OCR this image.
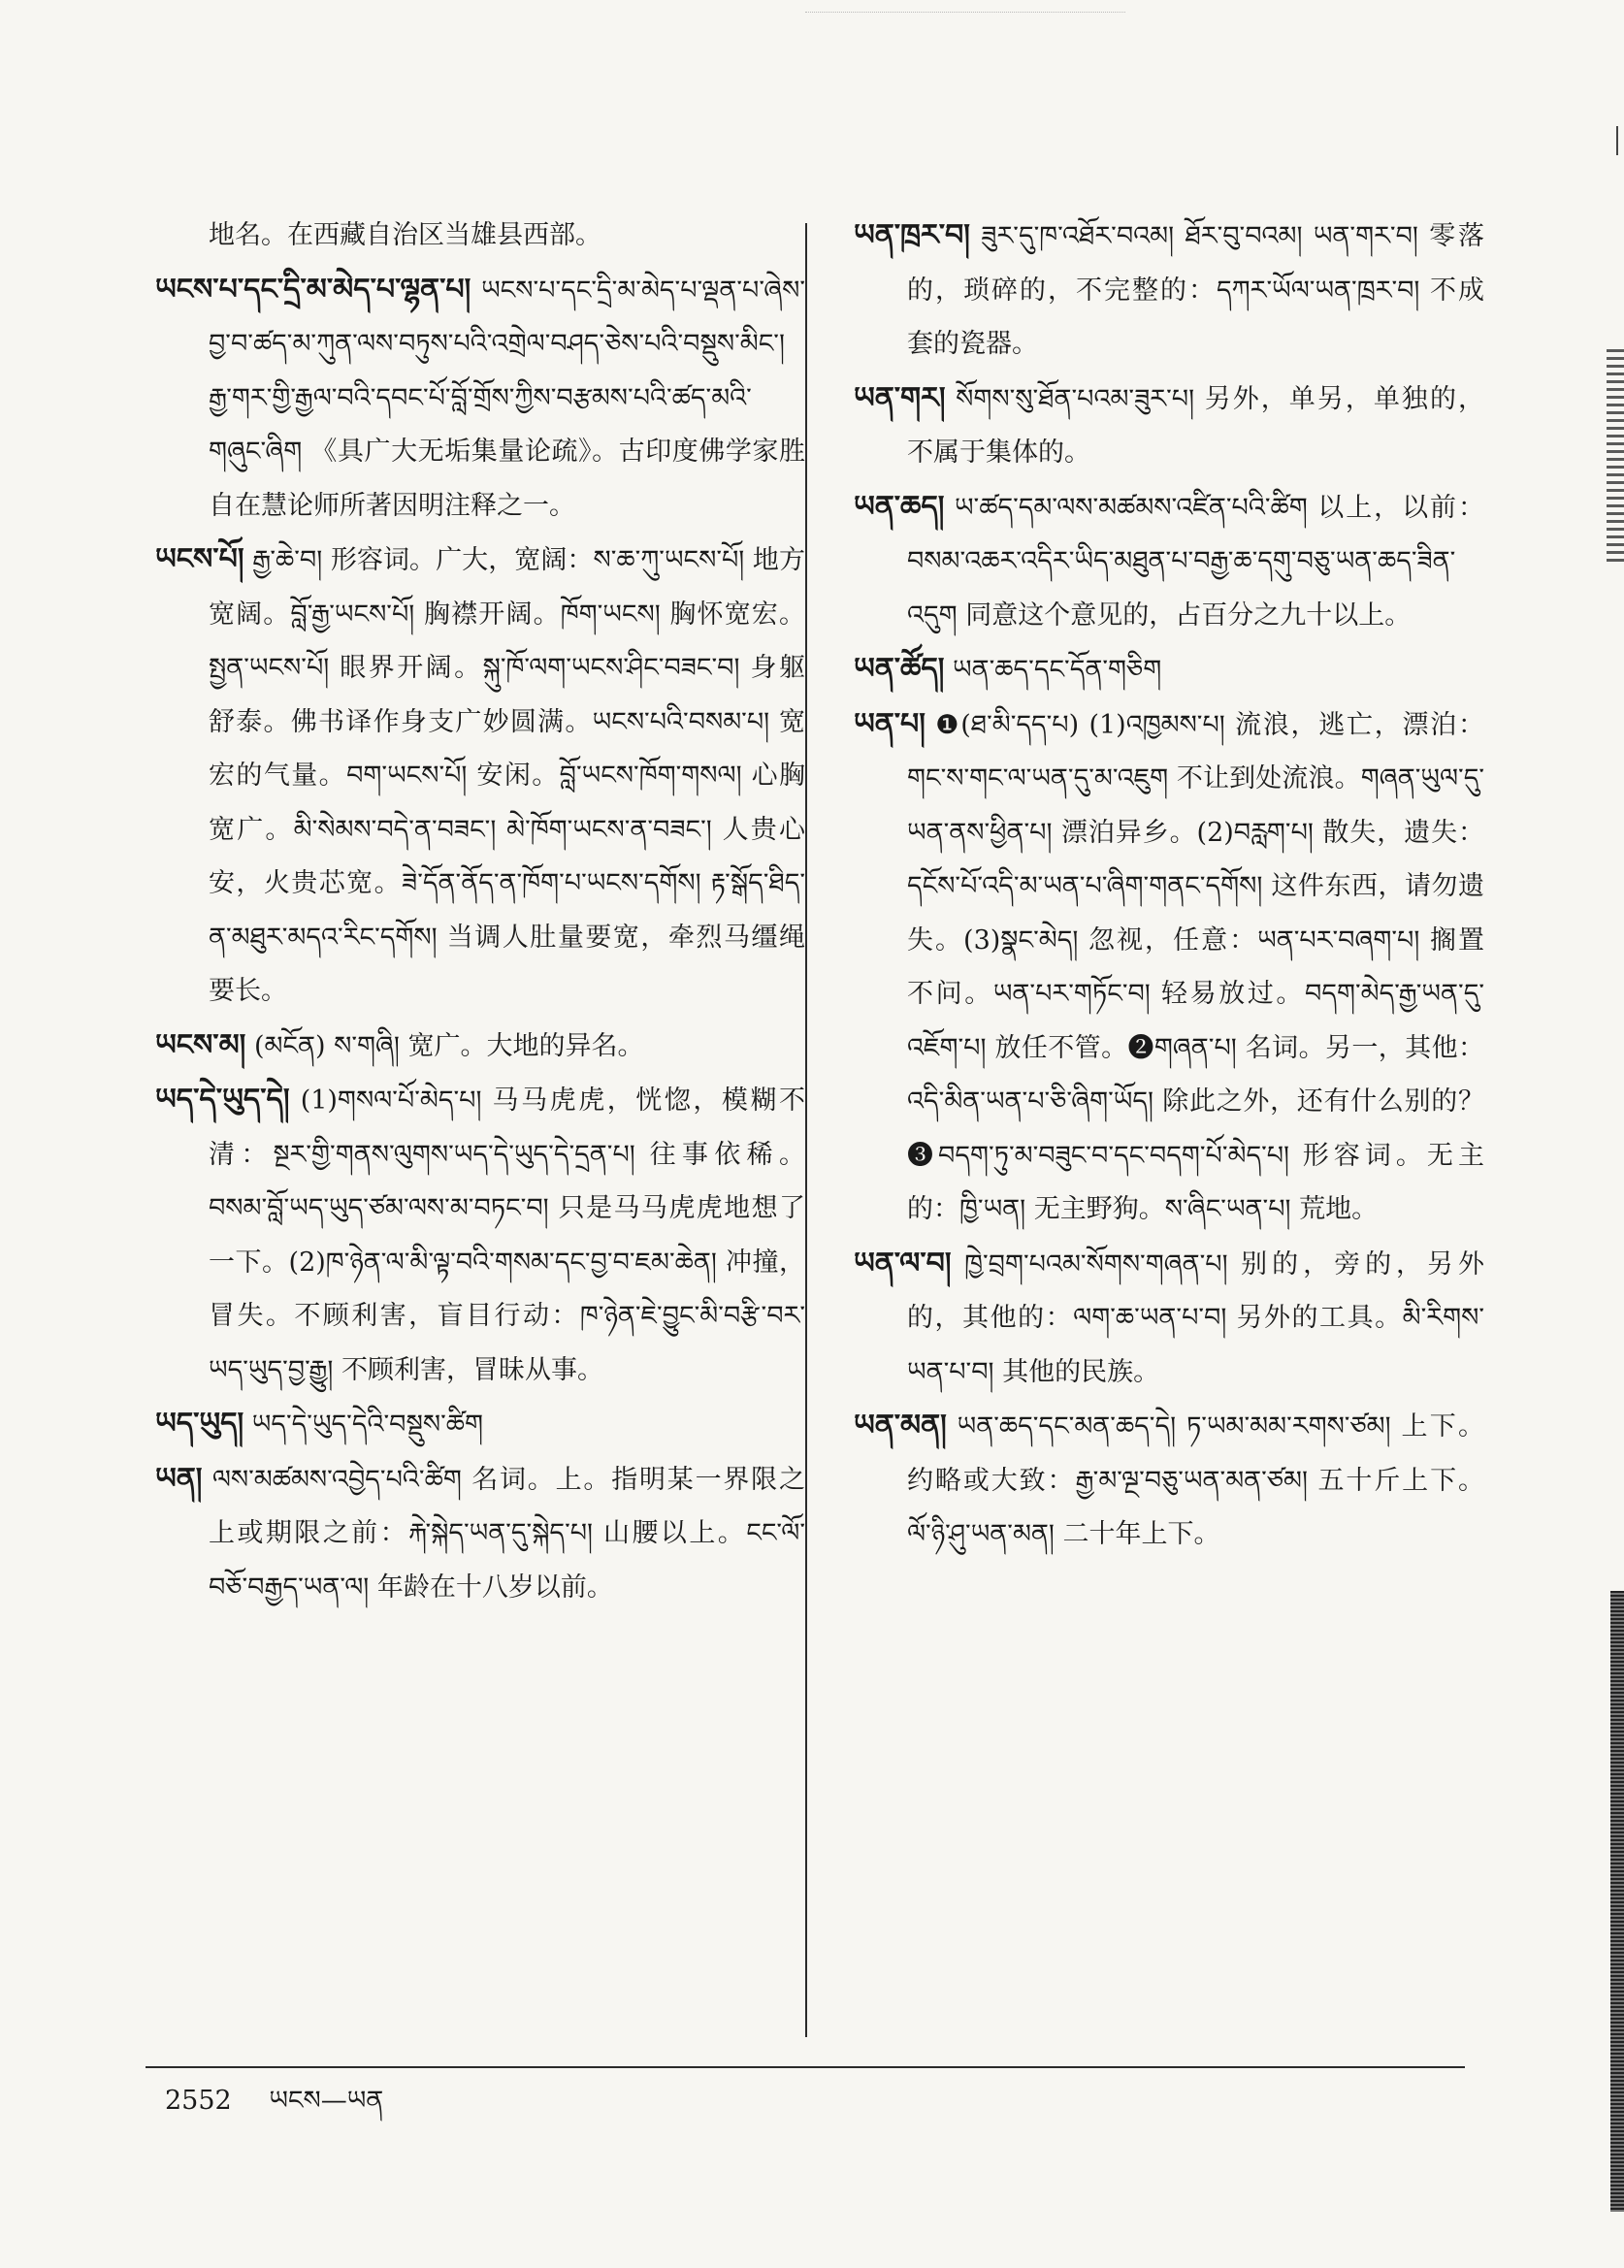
地名。在西藏自治区当雄县西部。

ཡངས་པ་དང་དྲི་མ་མེད་པ་ལྷན་པ། ཡངས་པ་དང་དྲི་མ་མེད་པ་ལྡན་པ་ཞེས་བྱ་བ་ཚད་མ་ཀུན་ལས་བཏུས་པའི་འགྲེལ་བཤད་ཅེས་པའི་བསྡུས་མིང་། རྒྱ་གར་གྱི་རྒྱལ་བའི་དབང་པོ་བློ་གྲོས་ཀྱིས་བརྩམས་པའི་ཚད་མའི་གཞུང་ཞིག 《具广大无垢集量论疏》。古印度佛学家胜自在慧论师所著因明注释之一。

ཡངས་པོ། རྒྱ་ཆེ་བ། 形容词。广大，宽阔：ས་ཆ་ཀུ་ཡངས་པོ། 地方宽阔。བློ་རྒྱ་ཡངས་པོ། 胸襟开阔。ཁོག་ཡངས། 胸怀宽宏。སྤྱན་ཡངས་པོ། 眼界开阔。སྐུ་ཁོ་ལག་ཡངས་ཤིང་བཟང་བ། 身躯舒泰。佛书译作身支广妙圆满。ཡངས་པའི་བསམ་པ། 宽宏的气量。བག་ཡངས་པོ། 安闲。བློ་ཡངས་ཁོག་གསལ། 心胸宽广。མི་སེམས་བདེ་ན་བཟང་། མེ་ཁོག་ཡངས་ན་བཟང་། 人贵心安，火贵芯宽。ཟེ་དོན་ནོད་ན་ཁོག་པ་ཡངས་དགོས། རྟ་སྒོད་ཐིད་ན་མཐུར་མདའ་རིང་དགོས། 当调人肚量要宽，牵烈马缰绳要长。

ཡངས་མ། (མངོན) ས་གཞི། 宽广。大地的异名。

ཡད་དེ་ཡུད་དེ། (1)གསལ་པོ་མེད་པ། 马马虎虎，恍惚，模糊不清：སྔར་གྱི་གནས་ལུགས་ཡད་དེ་ཡུད་དེ་དྲན་པ། 往事依稀。བསམ་བློ་ཡད་ཡུད་ཙམ་ལས་མ་བཏང་བ། 只是马马虎虎地想了一下。(2)ཁ་ཉེན་ལ་མི་ལྟ་བའི་གསམ་དང་བྱ་བ་ཇམ་ཆེན། 冲撞，冒失。不顾利害，盲目行动：ཁ་ཉེན་ཇེ་བྱུང་མི་བརྩི་བར་ཡད་ཡུད་བྱ་རྒྱུ། 不顾利害，冒昧从事。

ཡད་ཡུད། ཡད་དེ་ཡུད་དེའི་བསྡུས་ཚིག

ཡན། ལས་མཚམས་འབྱེད་པའི་ཚིག 名词。上。指明某一界限之上或期限之前：རྐེ་སྐེད་ཡན་དུ་སྐེད་པ། 山腰以上。ངང་ལོ་བཅོ་བརྒྱད་ཡན་ལ། 年龄在十八岁以前。

ཡན་ཁྲར་བ། ཟུར་དུ་ཁ་འཐོར་བའམ། ཐོར་བུ་བའམ། ཡན་གར་བ། 零落的，琐碎的，不完整的：དཀར་ཡོལ་ཡན་ཁྲར་བ། 不成套的瓷器。

ཡན་གར། སོགས་སུ་ཐོན་པའམ་ཟུར་པ། 另外，单另，单独的，不属于集体的。

ཡན་ཆད། ཡ་ཚད་དམ་ལས་མཚམས་འཛིན་པའི་ཚིག 以上，以前：བསམ་འཆར་འདིར་ཡིད་མཐུན་པ་བརྒྱ་ཆ་དགུ་བཅུ་ཡན་ཆད་ཟིན་འདུག 同意这个意见的，占百分之九十以上。

ཡན་ཚོད། ཡན་ཆད་དང་དོན་གཅིག

ཡན་པ། ❶(ཐ་མི་དད་པ) (1)འཁྱམས་པ། 流浪，逃亡，漂泊：གང་ས་གང་ལ་ཡན་དུ་མ་འཇུག 不让到处流浪。གཞན་ཡུལ་དུ་ཡན་ནས་ཕྱིན་པ། 漂泊异乡。(2)བརླག་པ། 散失，遗失：དངོས་པོ་འདི་མ་ཡན་པ་ཞིག་གནང་དགོས། 这件东西，请勿遗失。(3)སྣང་མེད། 忽视，任意：ཡན་པར་བཞག་པ། 搁置不问。ཡན་པར་གཏོང་བ། 轻易放过。བདག་མེད་རྒྱ་ཡན་དུ་འཇོག་པ། 放任不管。❷གཞན་པ། 名词。另一，其他：འདི་མིན་ཡན་པ་ཅི་ཞིག་ཡོད། 除此之外，还有什么别的？❸བདག་ཏུ་མ་བཟུང་བ་དང་བདག་པོ་མེད་པ། 形容词。无主的：ཁྱི་ཡན། 无主野狗。ས་ཞིང་ཡན་པ། 荒地。

ཡན་ལ་བ། ཁྱེ་བྲག་པའམ་སོགས་གཞན་པ། 别的，旁的，另外的，其他的：ལག་ཆ་ཡན་པ་བ། 另外的工具。མི་རིགས་ཡན་པ་བ། 其他的民族。

ཡན་མན། ཡན་ཆད་དང་མན་ཆད་དེ། ཏ་ཡམ་མམ་རགས་ཙམ། 上下。约略或大致：རྒྱ་མ་ལྔ་བཅུ་ཡན་མན་ཙམ། 五十斤上下。ལོ་ཉི་ཤུ་ཡན་མན། 二十年上下。

2552 ཡངས—ཡན
